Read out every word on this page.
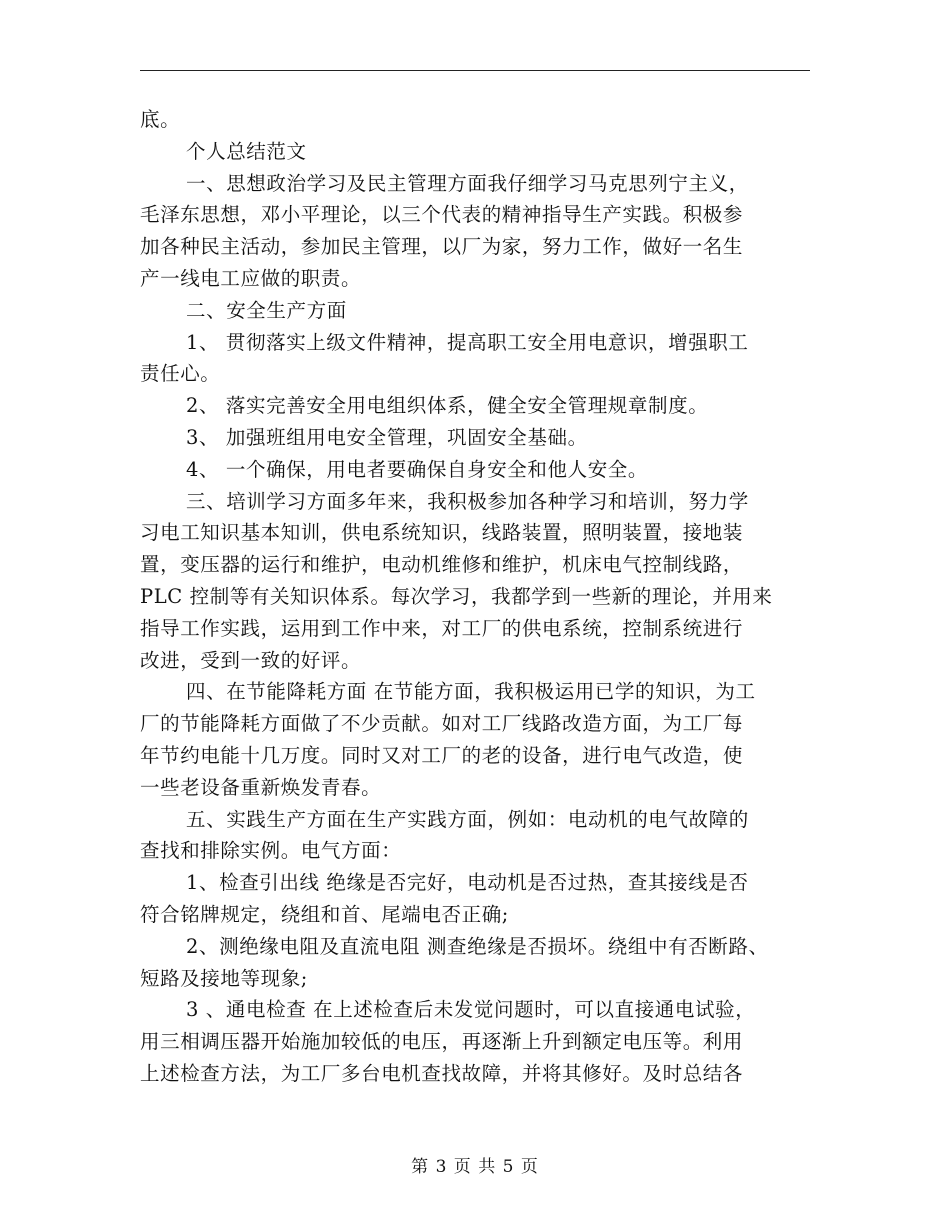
底。
个人总结范文
一、思想政治学习及民主管理方面我仔细学习马克思列宁主义，
毛泽东思想，邓小平理论，以三个代表的精神指导生产实践。积极参
加各种民主活动，参加民主管理，以厂为家，努力工作，做好一名生
产一线电工应做的职责。
二、安全生产方面
1、 贯彻落实上级文件精神，提高职工安全用电意识，增强职工
责任心。
2、 落实完善安全用电组织体系，健全安全管理规章制度。
3、 加强班组用电安全管理，巩固安全基础。
4、 一个确保，用电者要确保自身安全和他人安全。
三、培训学习方面多年来，我积极参加各种学习和培训，努力学
习电工知识基本知训，供电系统知识，线路装置，照明装置，接地装
置，变压器的运行和维护，电动机维修和维护，机床电气控制线路，
PLC 控制等有关知识体系。每次学习，我都学到一些新的理论，并用来
指导工作实践，运用到工作中来，对工厂的供电系统，控制系统进行
改进，受到一致的好评。
四、在节能降耗方面 在节能方面，我积极运用已学的知识，为工
厂的节能降耗方面做了不少贡献。如对工厂线路改造方面，为工厂每
年节约电能十几万度。同时又对工厂的老的设备，进行电气改造，使
一些老设备重新焕发青春。
五、实践生产方面在生产实践方面，例如：电动机的电气故障的
查找和排除实例。电气方面：
1、检查引出线 绝缘是否完好，电动机是否过热，查其接线是否
符合铭牌规定，绕组和首、尾端电否正确;
2、测绝缘电阻及直流电阻 测查绝缘是否损坏。绕组中有否断路、
短路及接地等现象;
3 、通电检查 在上述检查后未发觉问题时，可以直接通电试验，
用三相调压器开始施加较低的电压，再逐渐上升到额定电压等。利用
上述检查方法，为工厂多台电机查找故障，并将其修好。及时总结各
第 3 页 共 5 页
